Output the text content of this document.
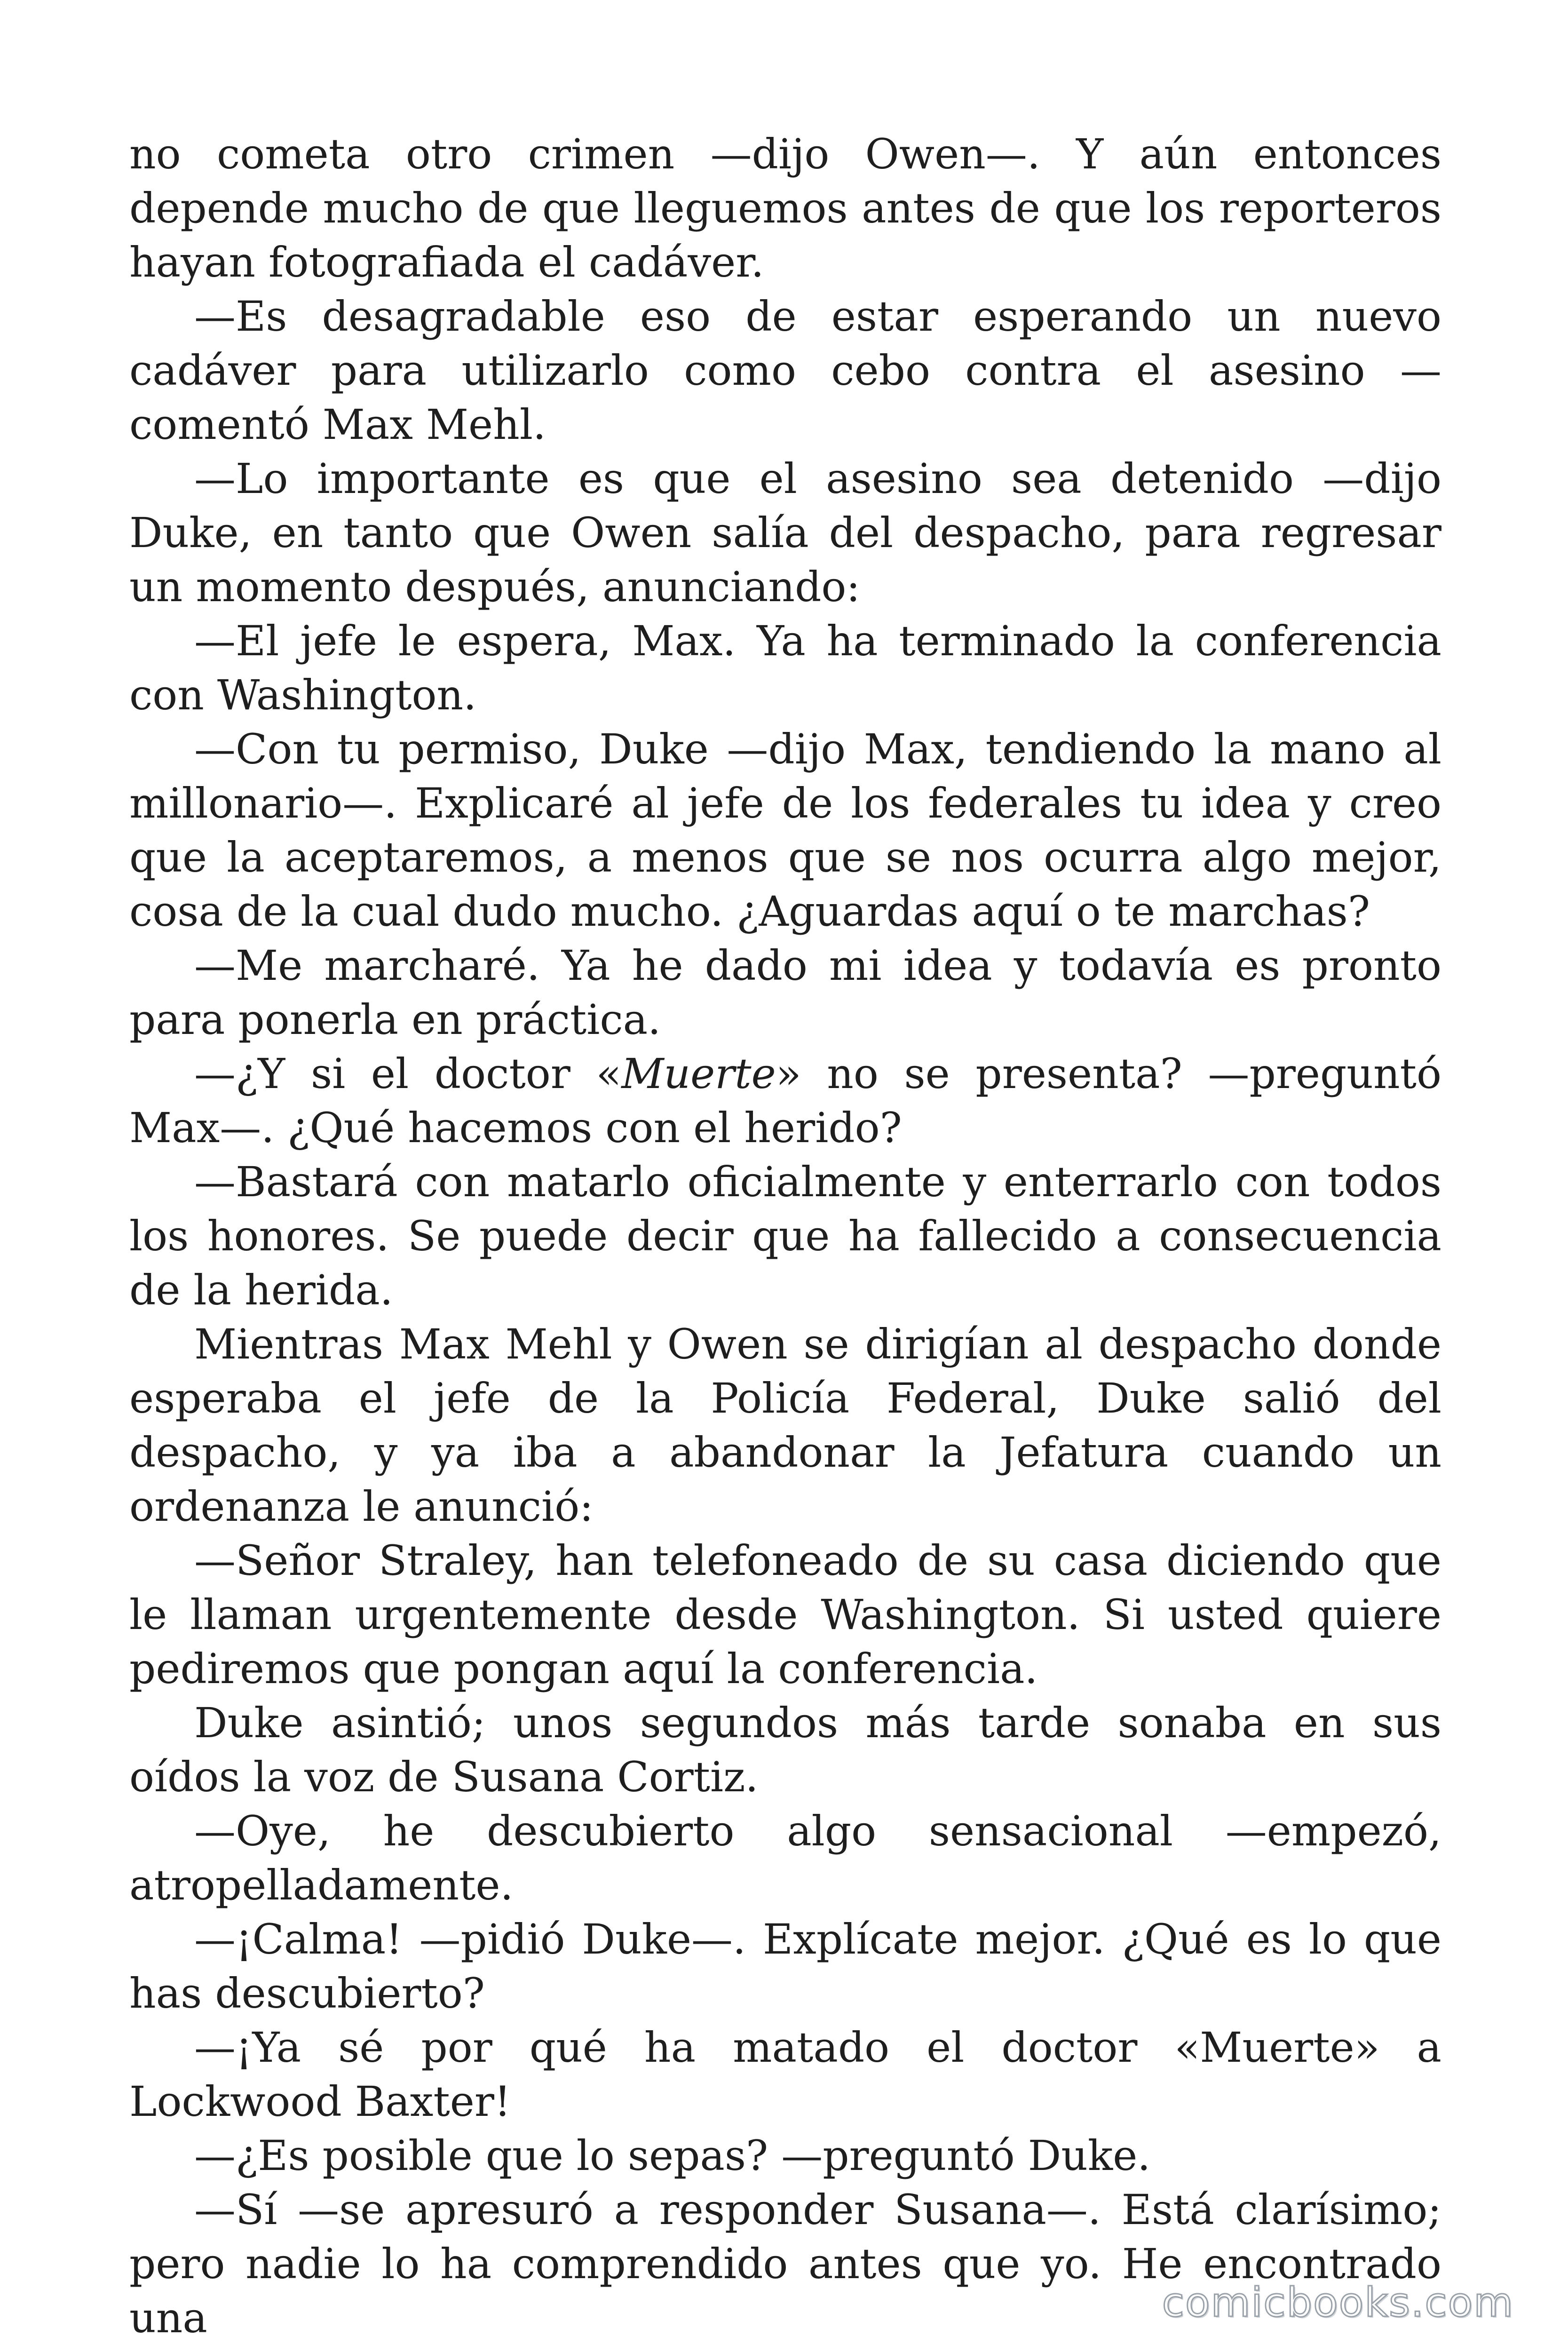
no cometa otro crimen —dijo Owen—. Y aún entonces depende mucho de que lleguemos antes de que los reporteros hayan fotografiada el cadáver.

—Es desagradable eso de estar esperando un nuevo cadáver para utilizarlo como cebo contra el asesino —comentó Max Mehl.

—Lo importante es que el asesino sea detenido —dijo Duke, en tanto que Owen salía del despacho, para regresar un momento después, anunciando:

—El jefe le espera, Max. Ya ha terminado la conferencia con Washington.

—Con tu permiso, Duke —dijo Max, tendiendo la mano al millonario—. Explicaré al jefe de los federales tu idea y creo que la aceptaremos, a menos que se nos ocurra algo mejor, cosa de la cual dudo mucho. ¿Aguardas aquí o te marchas?

—Me marcharé. Ya he dado mi idea y todavía es pronto para ponerla en práctica.

—¿Y si el doctor «Muerte» no se presenta? —preguntó Max—. ¿Qué hacemos con el herido?

—Bastará con matarlo oficialmente y enterrarlo con todos los honores. Se puede decir que ha fallecido a consecuencia de la herida.

Mientras Max Mehl y Owen se dirigían al despacho donde esperaba el jefe de la Policía Federal, Duke salió del despacho, y ya iba a abandonar la Jefatura cuando un ordenanza le anunció:

—Señor Straley, han telefoneado de su casa diciendo que le llaman urgentemente desde Washington. Si usted quiere pediremos que pongan aquí la conferencia.

Duke asintió; unos segundos más tarde sonaba en sus oídos la voz de Susana Cortiz.

—Oye, he descubierto algo sensacional —empezó, atropelladamente.

—¡Calma! —pidió Duke—. Explícate mejor. ¿Qué es lo que has descubierto?

—¡Ya sé por qué ha matado el doctor «Muerte» a Lockwood Baxter!

—¿Es posible que lo sepas? —preguntó Duke.

—Sí —se apresuró a responder Susana—. Está clarísimo; pero nadie lo ha comprendido antes que yo. He encontrado una	comicbooks.com
